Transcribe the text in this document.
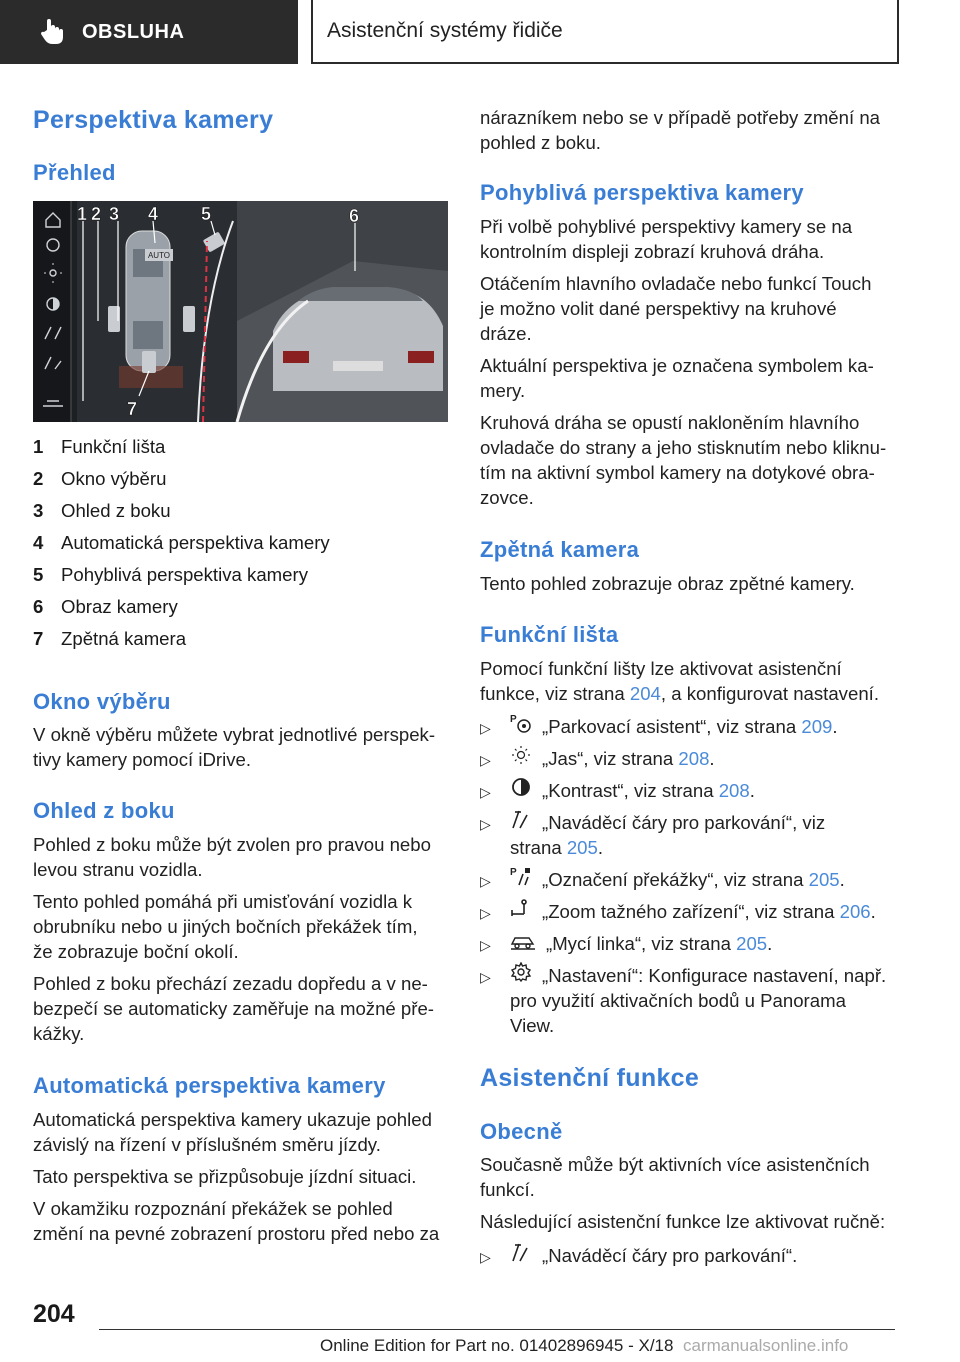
OBSLUHA	Asistenční systémy řidiče
Perspektiva kamery
Přehled
AUTO
1 2 3 4 5	6
7
1 Funkční lišta
2 Okno výběru
3 Ohled z boku
4 Automatická perspektiva kamery
5 Pohyblivá perspektiva kamery
6 Obraz kamery
7 Zpětná kamera
Okno výběru
V okně výběru můžete vybrat jednotlivé perspek-
tivy kamery pomocí iDrive.
Ohled z boku
Pohled z boku může být zvolen pro pravou nebo
levou stranu vozidla.
Tento pohled pomáhá při umisťování vozidla k
obrubníku nebo u jiných bočních překážek tím,
že zobrazuje boční okolí.
Pohled z boku přechází zezadu dopředu a v ne-
bezpečí se automaticky zaměřuje na možné pře-
kážky.
Automatická perspektiva kamery
Automatická perspektiva kamery ukazuje pohled
závislý na řízení v příslušném směru jízdy.
Tato perspektiva se přizpůsobuje jízdní situaci.
V okamžiku rozpoznání překážek se pohled
změní na pevné zobrazení prostoru před nebo za
nárazníkem nebo se v případě potřeby změní na
pohled z boku.
Pohyblivá perspektiva kamery
Při volbě pohyblivé perspektivy kamery se na
kontrolním displeji zobrazí kruhová dráha.
Otáčením hlavního ovladače nebo funkcí Touch
je možno volit dané perspektivy na kruhové
dráze.
Aktuální perspektiva je označena symbolem ka-
mery.
Kruhová dráha se opustí nakloněním hlavního
ovladače do strany a jeho stisknutím nebo kliknu-
tím na aktivní symbol kamery na dotykové obra-
zovce.
Zpětná kamera
Tento pohled zobrazuje obraz zpětné kamery.
Funkční lišta
Pomocí funkční lišty lze aktivovat asistenční
funkce, viz strana 204, a konfigurovat nastavení.
▷
P „Parkovací asistent“, viz strana 209.
▷	„Jas“, viz strana 208.
▷	„Kontrast“, viz strana 208.
▷	„Naváděcí čáry pro parkování“, viz
strana 205.
▷
P „Označení překážky“, viz strana 205.
▷	„Zoom tažného zařízení“, viz strana 206.
▷	„Mycí linka“, viz strana 205.
▷	„Nastavení“: Konfigurace nastavení, např.
pro využití aktivačních bodů u Panorama
View.
Asistenční funkce
Obecně
Současně může být aktivních více asistenčních
funkcí.
Následující asistenční funkce lze aktivovat ručně:
▷	„Naváděcí čáry pro parkování“.
204
Online Edition for Part no. 01402896945 - X/18 carmanualsonline.info
